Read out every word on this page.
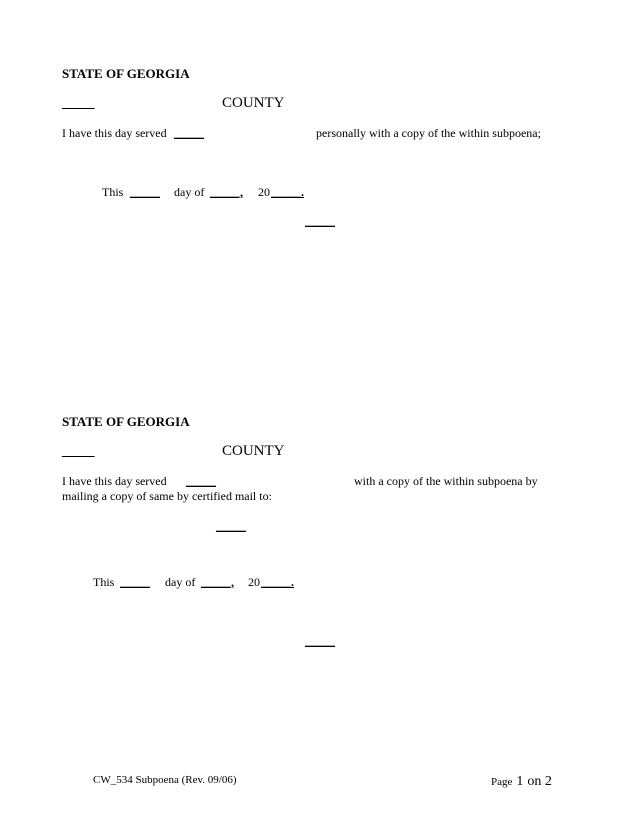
STATE OF GEORGIA
_____	COUNTY
I have this day served _____	personally with a copy of the within subpoena;
This _____ day of _____, 20 _____.
_____
STATE OF GEORGIA
_____	COUNTY
I have this day served _____	with a copy of the within subpoena by
mailing a copy of same by certified mail to:
_____
This _____ day of _____, 20 _____.
_____
CW_534 Subpoena (Rev. 09/06)	Page 1 on 2
